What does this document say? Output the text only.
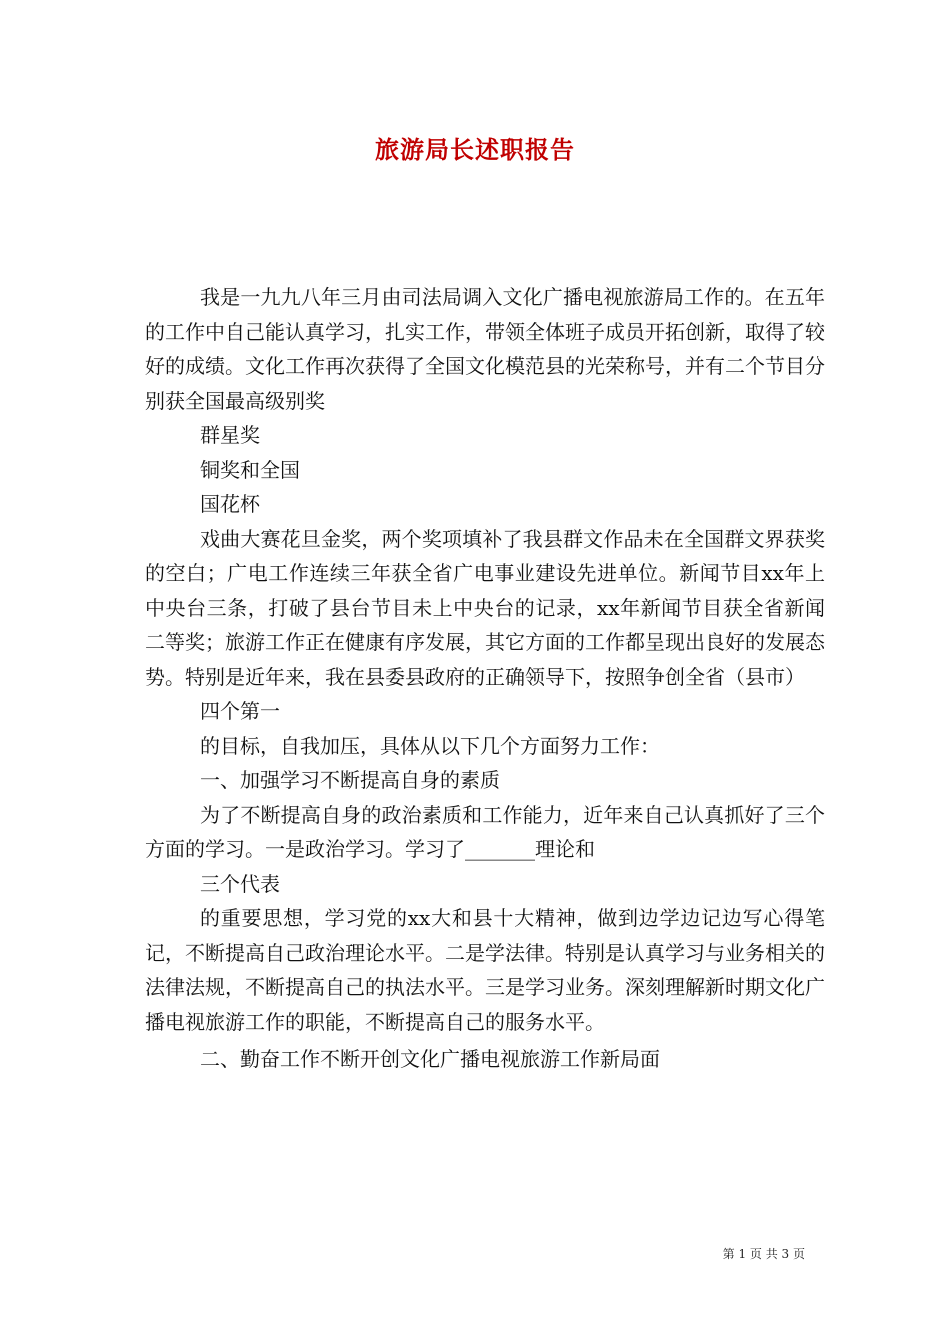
旅游局长述职报告

我是一九九八年三月由司法局调入文化广播电视旅游局工作的。在五年的工作中自己能认真学习，扎实工作，带领全体班子成员开拓创新，取得了较好的成绩。文化工作再次获得了全国文化模范县的光荣称号，并有二个节目分别获全国最高级别奖

群星奖

铜奖和全国

国花杯

戏曲大赛花旦金奖，两个奖项填补了我县群文作品未在全国群文界获奖的空白；广电工作连续三年获全省广电事业建设先进单位。新闻节目xx年上中央台三条，打破了县台节目未上中央台的记录，xx年新闻节目获全省新闻二等奖；旅游工作正在健康有序发展，其它方面的工作都呈现出良好的发展态势。特别是近年来，我在县委县政府的正确领导下，按照争创全省（县市）

四个第一

的目标，自我加压，具体从以下几个方面努力工作：

一、加强学习不断提高自身的素质

为了不断提高自身的政治素质和工作能力，近年来自己认真抓好了三个方面的学习。一是政治学习。学习了_______理论和

三个代表

的重要思想，学习党的xx大和县十大精神，做到边学边记边写心得笔记，不断提高自己政治理论水平。二是学法律。特别是认真学习与业务相关的法律法规，不断提高自己的执法水平。三是学习业务。深刻理解新时期文化广播电视旅游工作的职能，不断提高自己的服务水平。

二、勤奋工作不断开创文化广播电视旅游工作新局面

第 1 页 共 3 页
